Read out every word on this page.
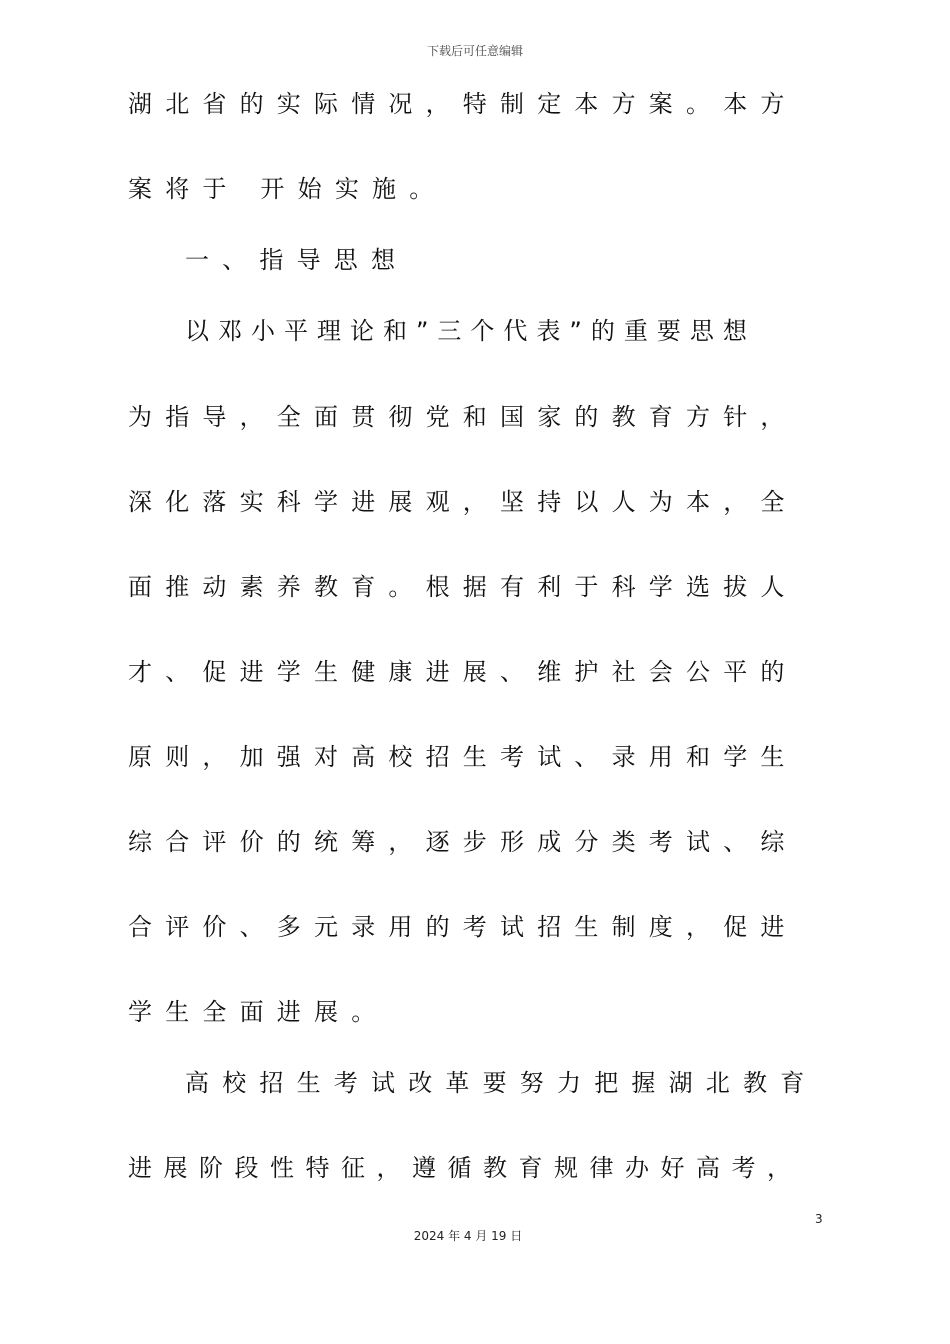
下载后可任意编辑
湖北省的实际情况，特制定本方案。本方
案将于 开始实施。
一、指导思想
以邓小平理论和”三个代表”的重要思想
为指导，全面贯彻党和国家的教育方针，
深化落实科学进展观，坚持以人为本，全
面推动素养教育。根据有利于科学选拔人
才、促进学生健康进展、维护社会公平的
原则，加强对高校招生考试、录用和学生
综合评价的统筹，逐步形成分类考试、综
合评价、多元录用的考试招生制度，促进
学生全面进展。
高校招生考试改革要努力把握湖北教育
进展阶段性特征，遵循教育规律办好高考，
3
2024 年 4 月 19 日
